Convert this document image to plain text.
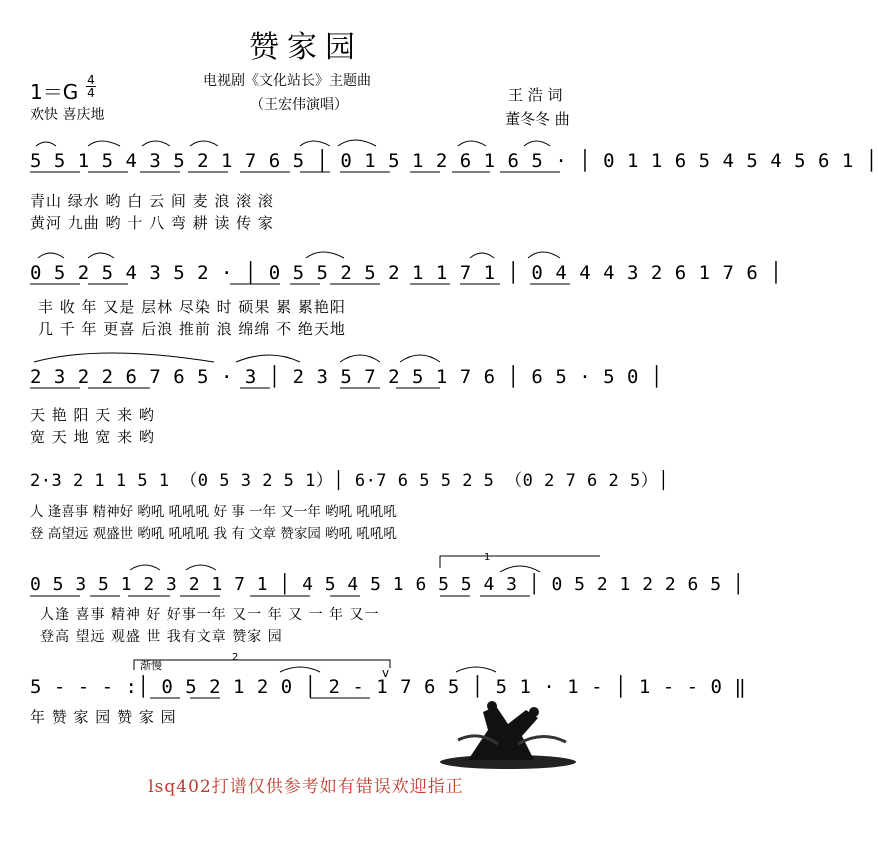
赞家园
电视剧《文化站长》主题曲
（王宏伟演唱）
1＝G 4
4
欢快 喜庆地
王 浩 词
董冬冬 曲
5 5 1 5 4 3 5 2 1 7 6 5 │ 0 1 5 1 2 6 1 6 5 · │ 0 1 1 6 5 4 5 4 5 6 1 │
青山 绿水 哟 白 云 间 麦 浪 滚 滚
黄河 九曲 哟 十 八 弯 耕 读 传 家
0 5 2 5 4 3 5 2 · │ 0 5 5 2 5 2 1 1 7 1 │ 0 4 4 4 3 2 6 1 7 6 │
丰 收 年 又是 层林 尽染 时 硕果 累 累艳阳
几 千 年 更喜 后浪 推前 浪 绵绵 不 绝天地
2 3 2 2 6 7 6 5 · 3 │ 2 3 5 7 2 5 1 7 6 │ 6 5 · 5 0 │
天 艳 阳 天 来 哟
宽 天 地 宽 来 哟
2·3 2 1 1 5 1 （0 5 3 2 5 1）│ 6·7 6 5 5 2 5 （0 2 7 6 2 5）│
人 逢喜事 精神好 哟吼 吼吼吼 好 事 一年 又一年 哟吼 吼吼吼
登 高望远 观盛世 哟吼 吼吼吼 我 有 文章 赞家园 哟吼 吼吼吼
0 5 3 5 1 2 3 2 1 7 1 │ 4 5 4 5 1 6 5 5 4 3 │ 0 5 2 1 2 2 6 5 │
人逢 喜事 精神 好 好事一年 又一 年 又 一 年 又一
登高 望远 观盛 世 我有文章 赞家 园
5 - - - :│ 0 5 2 1 2 0 │ 2 - 1 7 6 5 │ 5 1 · 1 - │ 1 - - 0 ‖
年 赞 家 园 赞 家 园
渐慢
2
1
v
lsq402打谱仅供参考如有错误欢迎指正
